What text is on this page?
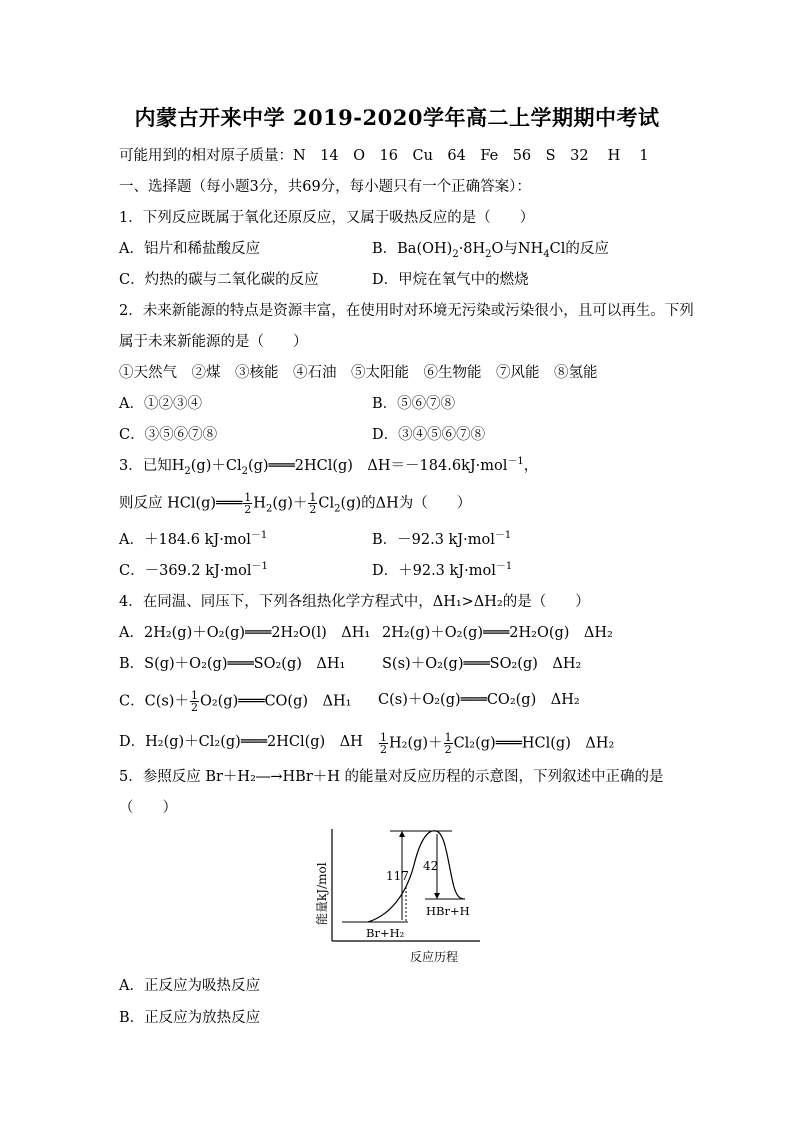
内蒙古开来中学 2019-2020学年高二上学期期中考试
可能用到的相对原子质量：N　14　O　16　Cu　64　Fe　56　S　32　 H　 1
一、选择题（每小题3分，共69分，每小题只有一个正确答案）：
1．下列反应既属于氧化还原反应，又属于吸热反应的是（　　）
A．铝片和稀盐酸反应	B．$Ba(OH)_2\cdot 8H_2O$与$NH_4Cl$的反应
C．灼热的碳与二氧化碳的反应	D．甲烷在氧气中的燃烧
2．未来新能源的特点是资源丰富，在使用时对环境无污染或污染很小，且可以再生。下列
属于未来新能源的是（　　）
①天然气　②煤　③核能　④石油　⑤太阳能　⑥生物能　⑦风能　⑧氢能
A．①②③④	B．⑤⑥⑦⑧
C．③⑤⑥⑦⑧	D．③④⑤⑥⑦⑧
3．已知$H_2(g)+Cl_2(g)═══2HCl(g)$　ΔH＝－184.6kJ·mol$^{-1}$，
则反应 HCl(g)═══ $\frac{1}{2} H_2(g)+ \frac{1}{2} Cl_2(g)$的ΔH为（　　）
A．＋184.6 kJ·mol$^{-1}$	B．－92.3 kJ·mol$^{-1}$
C．－369.2 kJ·mol$^{-1}$	D．＋92.3 kJ·mol$^{-1}$
4．在同温、同压下，下列各组热化学方程式中，ΔH₁>ΔH₂的是（　　）
A．2H₂(g)＋O₂(g)═══2H₂O(l)　ΔH₁ 2H₂(g)＋O₂(g)═══2H₂O(g)　ΔH₂
B．S(g)＋O₂(g)═══SO₂(g)　ΔH₁	S(s)＋O₂(g)═══SO₂(g)　ΔH₂
C．$C(s)+ \frac{1}{2}$ O₂(g)═══CO(g)　ΔH₁ C(s)＋O₂(g)═══CO₂(g)　ΔH₂
D．H₂(g)＋Cl₂(g)═══2HCl(g)　ΔH $\frac{1}{2} H_2(g)+ \frac{1}{2}$ Cl₂(g)═══HCl(g)　ΔH₂
5．参照反应 Br＋H₂―→HBr＋H 的能量对反应历程的示意图，下列叙述中正确的是
（　　）
117
42
HBr+H
Br+H₂
能量kJ/mol
反应历程
A．正反应为吸热反应
B．正反应为放热反应
